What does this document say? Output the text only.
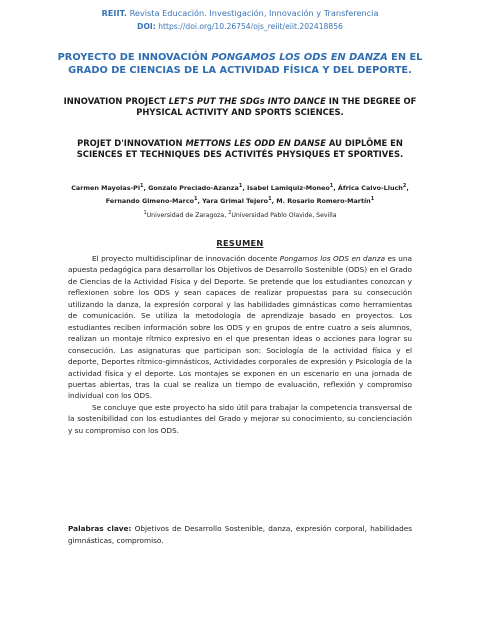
REIIT. Revista Educación. Investigación, Innovación y Transferencia
DOI: https://doi.org/10.26754/ojs_reiit/eiit.202418856
PROYECTO DE INNOVACIÓN PONGAMOS LOS ODS EN DANZA EN EL GRADO DE CIENCIAS DE LA ACTIVIDAD FÍSICA Y DEL DEPORTE.
INNOVATION PROJECT LET'S PUT THE SDGs INTO DANCE IN THE DEGREE OF PHYSICAL ACTIVITY AND SPORTS SCIENCES.
PROJET D'INNOVATION METTONS LES ODD EN DANSE AU DIPLÔME EN SCIENCES ET TECHNIQUES DES ACTIVITÉS PHYSIQUES ET SPORTIVES.
Carmen Mayolas-Pi$^1$, Gonzalo Preciado-Azanza$^1$, Isabel Lamiquiz-Moneo$^1$, África Calvo-Lluch$^2$, Fernando Gimeno-Marco$^1$, Yara Grimal Tejero$^1$, M. Rosario Romero-Martín$^1$
$^1$Universidad de Zaragoza, $^2$Universidad Pablo Olavide, Sevilla
RESUMEN

El proyecto multidisciplinar de innovación docente Pongamos los ODS en danza es una apuesta pedagógica para desarrollar los Objetivos de Desarrollo Sostenible (ODS) en el Grado de Ciencias de la Actividad Física y del Deporte. Se pretende que los estudiantes conozcan y reflexionen sobre los ODS y sean capaces de realizar propuestas para su consecución utilizando la danza, la expresión corporal y las habilidades gimnásticas como herramientas de comunicación. Se utiliza la metodología de aprendizaje basado en proyectos. Los estudiantes reciben información sobre los ODS y en grupos de entre cuatro a seis alumnos, realizan un montaje rítmico expresivo en el que presentan ideas o acciones para lograr su consecución. Las asignaturas que participan son: Sociología de la actividad física y el deporte, Deportes rítmico-gimnásticos, Actividades corporales de expresión y Psicología de la actividad física y el deporte. Los montajes se exponen en un escenario en una jornada de puertas abiertas, tras la cual se realiza un tiempo de evaluación, reflexión y compromiso individual con los ODS.

Se concluye que este proyecto ha sido útil para trabajar la competencia transversal de la sostenibilidad con los estudiantes del Grado y mejorar su conocimiento, su concienciación y su compromiso con los ODS.

Palabras clave: Objetivos de Desarrollo Sostenible, danza, expresión corporal, habilidades gimnásticas, compromiso.
